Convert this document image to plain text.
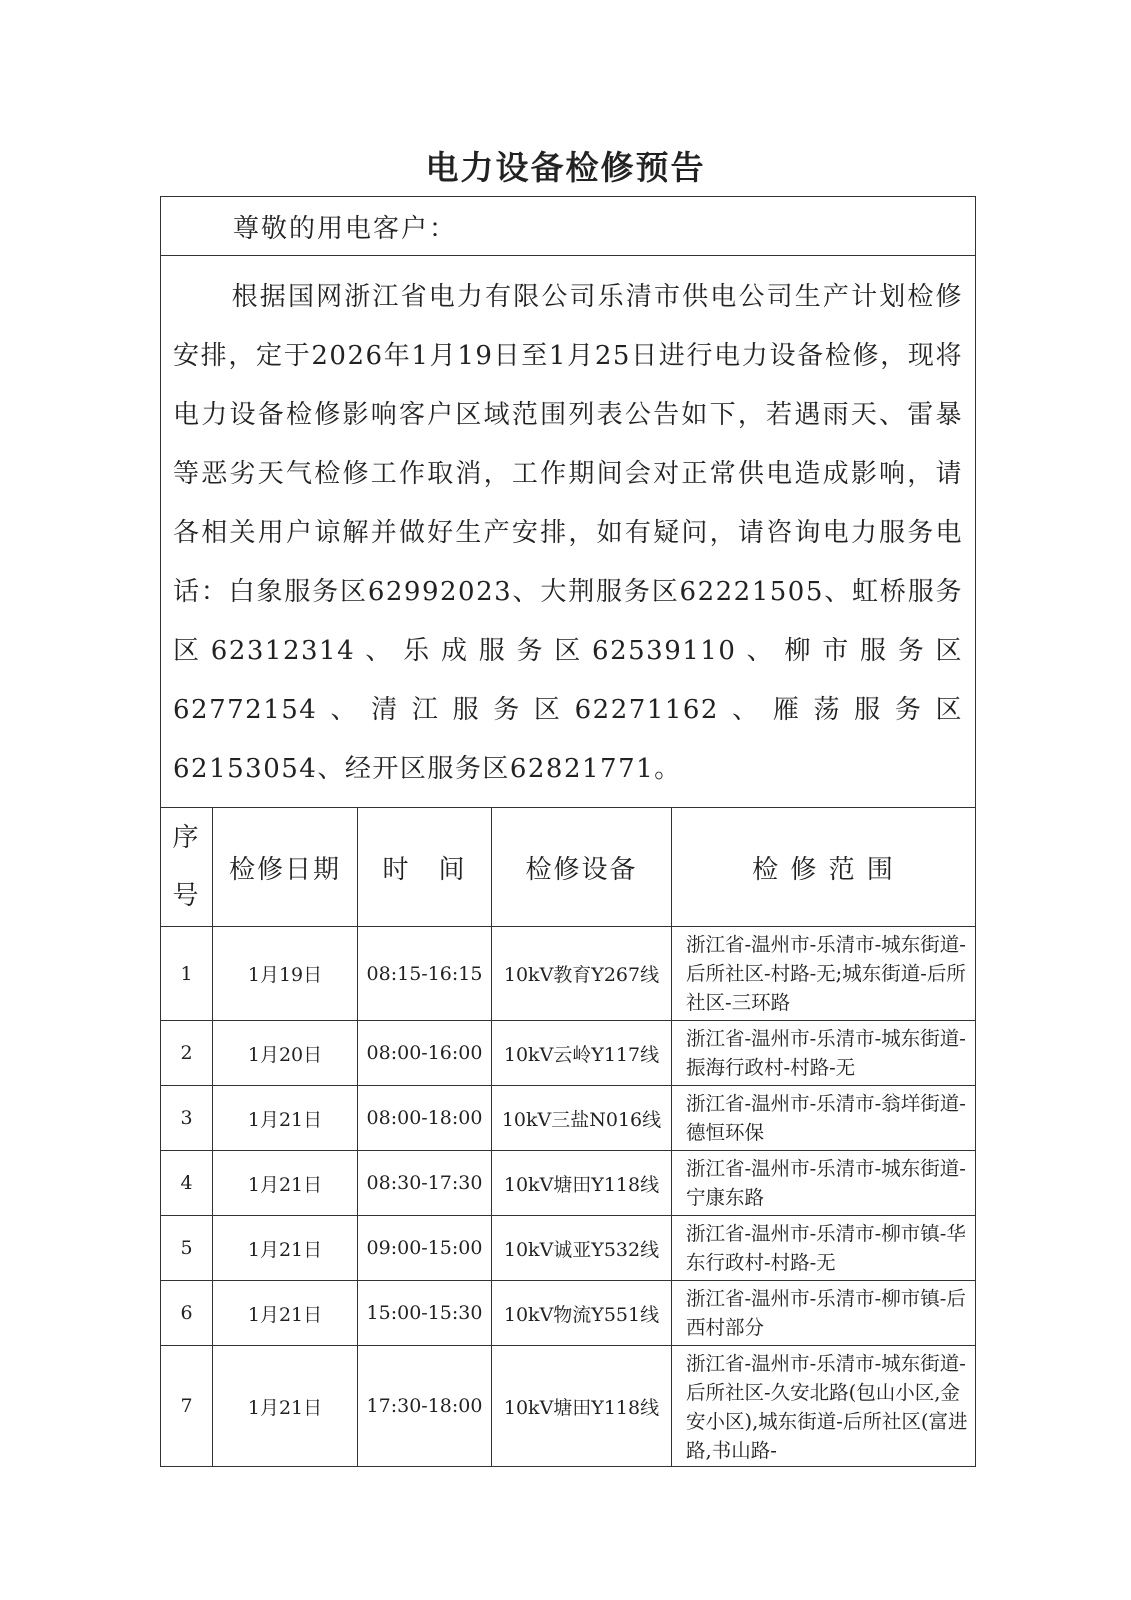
电力设备检修预告
尊敬的用电客户：				
根据国网浙江省电力有限公司乐清市供电公司生产计划检修安排，定于2026年1月19日至1月25日进行电力设备检修，现将电力设备检修影响客户区域范围列表公告如下，若遇雨天、雷暴等恶劣天气检修工作取消，工作期间会对正常供电造成影响，请各相关用户谅解并做好生产安排，如有疑问，请咨询电力服务电话：白象服务区62992023、大荆服务区62221505、虹桥服务区62312314、乐成服务区62539110、柳市服务区62772154、清江服务区62271162、雁荡服务区62153054、经开区服务区62821771。				
序号	检修日期	时　间	检修设备	检 修 范 围
1	1月19日	08:15-16:15	10kV教育Y267线	浙江省-温州市-乐清市-城东街道-后所社区-村路-无;城东街道-后所社区-三环路
2	1月20日	08:00-16:00	10kV云岭Y117线	浙江省-温州市-乐清市-城东街道-振海行政村-村路-无
3	1月21日	08:00-18:00	10kV三盐N016线	浙江省-温州市-乐清市-翁垟街道-德恒环保
4	1月21日	08:30-17:30	10kV塘田Y118线	浙江省-温州市-乐清市-城东街道-宁康东路
5	1月21日	09:00-15:00	10kV诚亚Y532线	浙江省-温州市-乐清市-柳市镇-华东行政村-村路-无
6	1月21日	15:00-15:30	10kV物流Y551线	浙江省-温州市-乐清市-柳市镇-后西村部分
7	1月21日	17:30-18:00	10kV塘田Y118线	浙江省-温州市-乐清市-城东街道-后所社区-久安北路(包山小区,金安小区),城东街道-后所社区(富进路,书山路-
